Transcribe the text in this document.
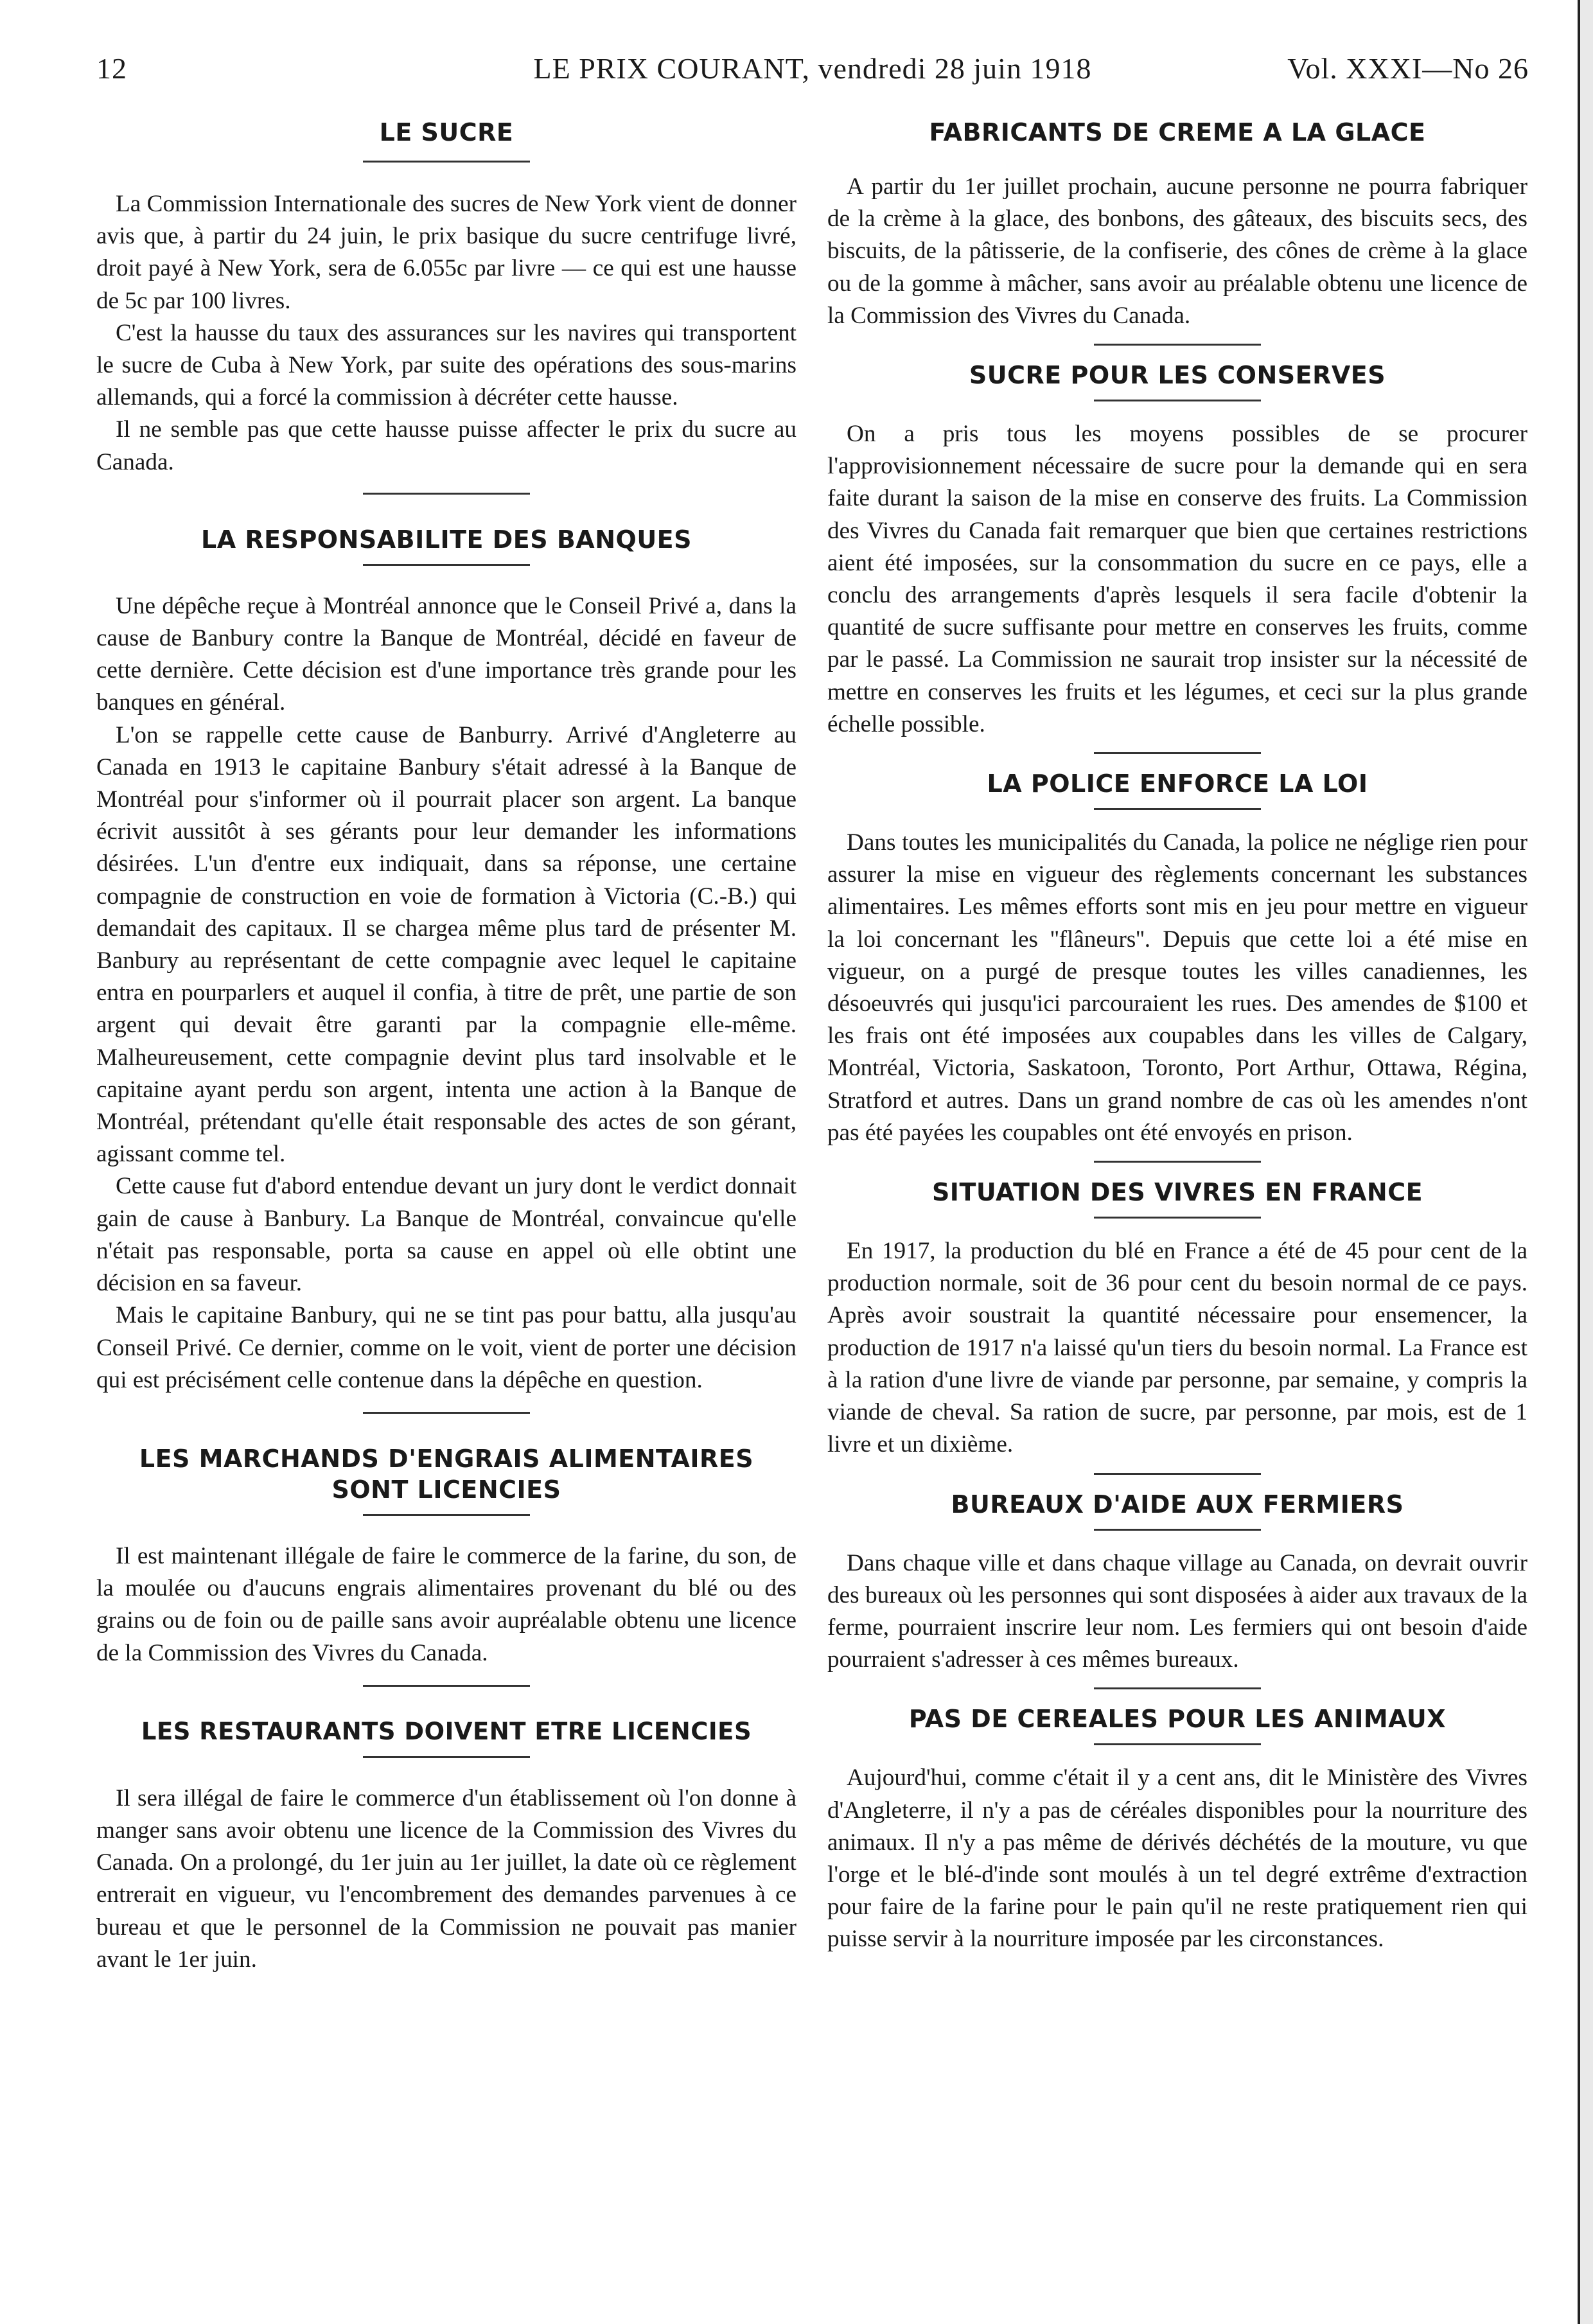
12	LE PRIX COURANT, vendredi 28 juin 1918	Vol. XXXI—No 26
LE SUCRE

La Commission Internationale des sucres de New York vient de donner avis que, à partir du 24 juin, le prix basique du sucre centrifuge livré, droit payé à New York, sera de 6.055c par livre — ce qui est une hausse de 5c par 100 livres.

C'est la hausse du taux des assurances sur les navires qui transportent le sucre de Cuba à New York, par suite des opérations des sous-marins allemands, qui a forcé la commission à décréter cette hausse.

Il ne semble pas que cette hausse puisse affecter le prix du sucre au Canada.

LA RESPONSABILITE DES BANQUES

Une dépêche reçue à Montréal annonce que le Conseil Privé a, dans la cause de Banbury contre la Banque de Montréal, décidé en faveur de cette dernière. Cette décision est d'une importance très grande pour les banques en général.

L'on se rappelle cette cause de Banburry. Arrivé d'Angleterre au Canada en 1913 le capitaine Banbury s'était adressé à la Banque de Montréal pour s'informer où il pourrait placer son argent. La banque écrivit aussitôt à ses gérants pour leur demander les informations désirées. L'un d'entre eux indiquait, dans sa réponse, une certaine compagnie de construction en voie de formation à Victoria (C.-B.) qui demandait des capitaux. Il se chargea même plus tard de présenter M. Banbury au représentant de cette compagnie avec lequel le capitaine entra en pourparlers et auquel il confia, à titre de prêt, une partie de son argent qui devait être garanti par la compagnie elle-même. Malheureusement, cette compagnie devint plus tard insolvable et le capitaine ayant perdu son argent, intenta une action à la Banque de Montréal, prétendant qu'elle était responsable des actes de son gérant, agissant comme tel.

Cette cause fut d'abord entendue devant un jury dont le verdict donnait gain de cause à Banbury. La Banque de Montréal, convaincue qu'elle n'était pas responsable, porta sa cause en appel où elle obtint une décision en sa faveur.

Mais le capitaine Banbury, qui ne se tint pas pour battu, alla jusqu'au Conseil Privé. Ce dernier, comme on le voit, vient de porter une décision qui est précisément celle contenue dans la dépêche en question.

LES MARCHANDS D'ENGRAIS ALIMENTAIRES
SONT LICENCIES

Il est maintenant illégale de faire le commerce de la farine, du son, de la moulée ou d'aucuns engrais alimentaires provenant du blé ou des grains ou de foin ou de paille sans avoir aupréalable obtenu une licence de la Commission des Vivres du Canada.

LES RESTAURANTS DOIVENT ETRE LICENCIES

Il sera illégal de faire le commerce d'un établissement où l'on donne à manger sans avoir obtenu une licence de la Commission des Vivres du Canada. On a prolongé, du 1er juin au 1er juillet, la date où ce règlement entrerait en vigueur, vu l'encombrement des demandes parvenues à ce bureau et que le personnel de la Commission ne pouvait pas manier avant le 1er juin.

FABRICANTS DE CREME A LA GLACE

A partir du 1er juillet prochain, aucune personne ne pourra fabriquer de la crème à la glace, des bonbons, des gâteaux, des biscuits secs, des biscuits, de la pâtisserie, de la confiserie, des cônes de crème à la glace ou de la gomme à mâcher, sans avoir au préalable obtenu une licence de la Commission des Vivres du Canada.

SUCRE POUR LES CONSERVES

On a pris tous les moyens possibles de se procurer l'approvisionnement nécessaire de sucre pour la demande qui en sera faite durant la saison de la mise en conserve des fruits. La Commission des Vivres du Canada fait remarquer que bien que certaines restrictions aient été imposées, sur la consommation du sucre en ce pays, elle a conclu des arrangements d'après lesquels il sera facile d'obtenir la quantité de sucre suffisante pour mettre en conserves les fruits, comme par le passé. La Commission ne saurait trop insister sur la nécessité de mettre en conserves les fruits et les légumes, et ceci sur la plus grande échelle possible.

LA POLICE ENFORCE LA LOI

Dans toutes les municipalités du Canada, la police ne néglige rien pour assurer la mise en vigueur des règlements concernant les substances alimentaires. Les mêmes efforts sont mis en jeu pour mettre en vigueur la loi concernant les ''flâneurs''. Depuis que cette loi a été mise en vigueur, on a purgé de presque toutes les villes canadiennes, les désoeuvrés qui jusqu'ici parcouraient les rues. Des amendes de $100 et les frais ont été imposées aux coupables dans les villes de Calgary, Montréal, Victoria, Saskatoon, Toronto, Port Arthur, Ottawa, Régina, Stratford et autres. Dans un grand nombre de cas où les amendes n'ont pas été payées les coupables ont été envoyés en prison.

SITUATION DES VIVRES EN FRANCE

En 1917, la production du blé en France a été de 45 pour cent de la production normale, soit de 36 pour cent du besoin normal de ce pays. Après avoir soustrait la quantité nécessaire pour ensemencer, la production de 1917 n'a laissé qu'un tiers du besoin normal. La France est à la ration d'une livre de viande par personne, par semaine, y compris la viande de cheval. Sa ration de sucre, par personne, par mois, est de 1 livre et un dixième.

BUREAUX D'AIDE AUX FERMIERS

Dans chaque ville et dans chaque village au Canada, on devrait ouvrir des bureaux où les personnes qui sont disposées à aider aux travaux de la ferme, pourraient inscrire leur nom. Les fermiers qui ont besoin d'aide pourraient s'adresser à ces mêmes bureaux.

PAS DE CEREALES POUR LES ANIMAUX

Aujourd'hui, comme c'était il y a cent ans, dit le Ministère des Vivres d'Angleterre, il n'y a pas de céréales disponibles pour la nourriture des animaux. Il n'y a pas même de dérivés déchétés de la mouture, vu que l'orge et le blé-d'inde sont moulés à un tel degré extrême d'extraction pour faire de la farine pour le pain qu'il ne reste pratiquement rien qui puisse servir à la nourriture imposée par les circonstances.
